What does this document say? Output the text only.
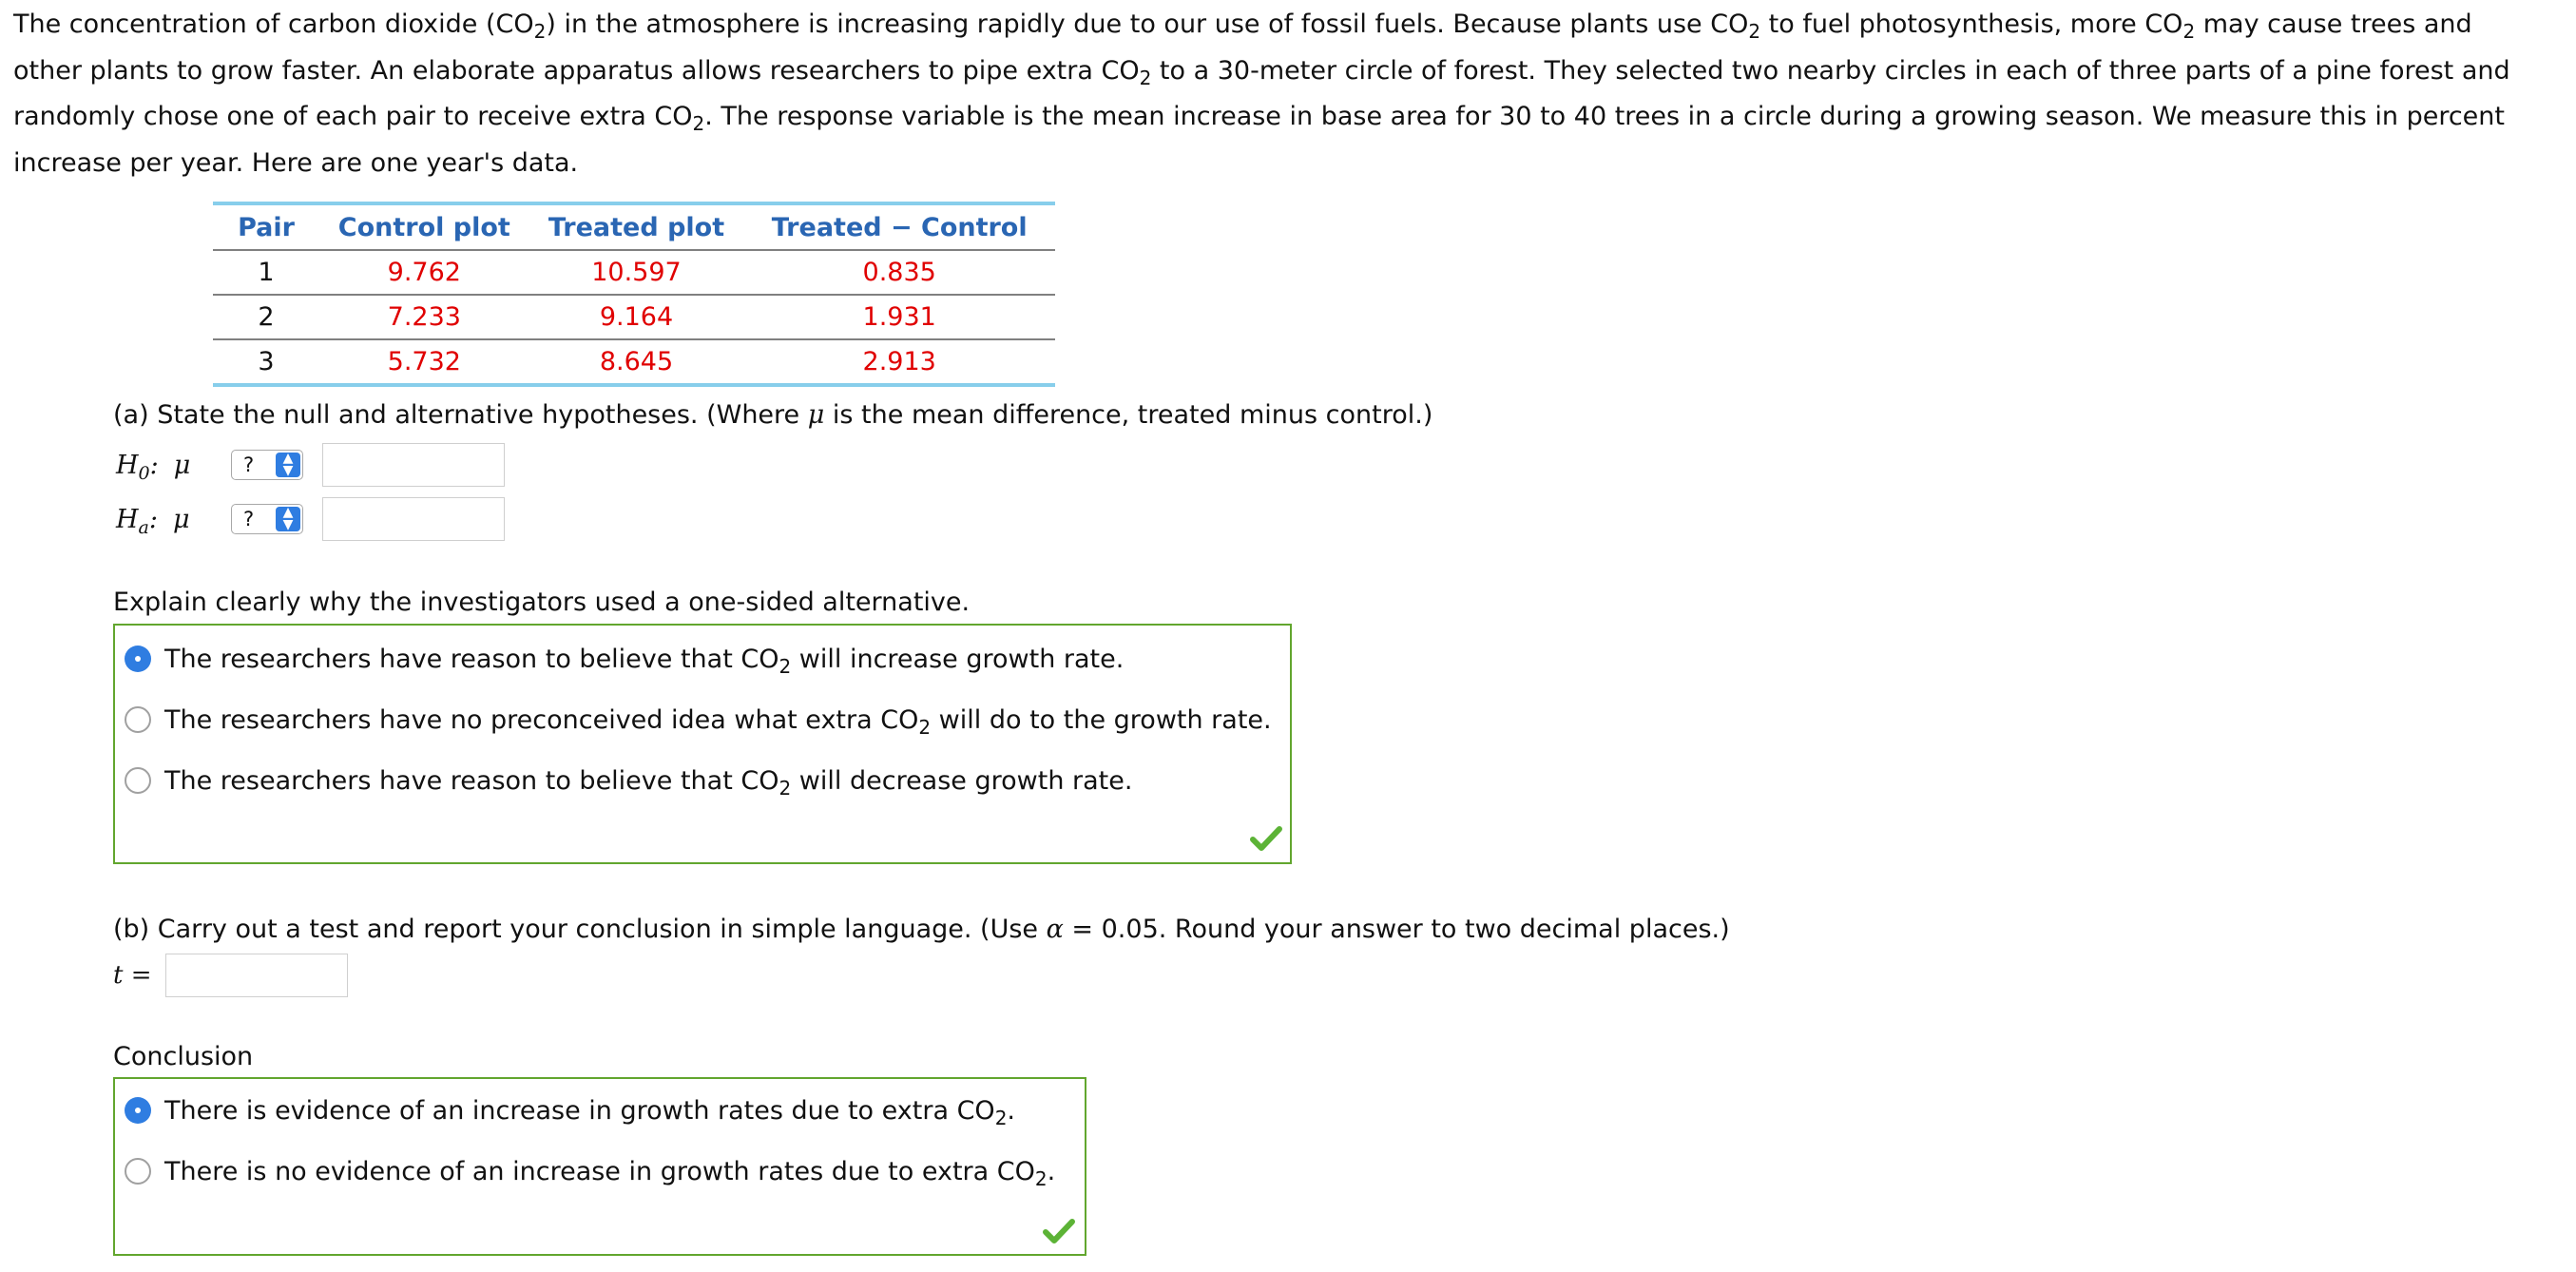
The concentration of carbon dioxide $(CO_2)$ in the atmosphere is increasing rapidly due to our use of fossil fuels. Because plants use $CO_2$ to fuel photosynthesis, more $CO_2$ may cause trees and other plants to grow faster. An elaborate apparatus allows researchers to pipe extra $CO_2$ to a 30-meter circle of forest. They selected two nearby circles in each of three parts of a pine forest and randomly chose one of each pair to receive extra $CO_2$. The response variable is the mean increase in base area for 30 to 40 trees in a circle during a growing season. We measure this in percent increase per year. Here are one year's data.

Pair	Control plot	Treated plot	Treated − Control
1	9.762	10.597	0.835
2	7.233	9.164	1.931
3	5.732	8.645	2.913

(a) State the null and alternative hypotheses. (Where μ is the mean difference, treated minus control.)

$H_0$: μ	?	▲
▼
$H_a$: μ	?	▲
▼

Explain clearly why the investigators used a one-sided alternative.

The researchers have reason to believe that $CO_2$ will increase growth rate.
The researchers have no preconceived idea what extra $CO_2$ will do to the growth rate.
The researchers have reason to believe that $CO_2$ will decrease growth rate.

(b) Carry out a test and report your conclusion in simple language. (Use α = 0.05. Round your answer to two decimal places.)

t =

Conclusion

There is evidence of an increase in growth rates due to extra $CO_2$.
There is no evidence of an increase in growth rates due to extra $CO_2$.
